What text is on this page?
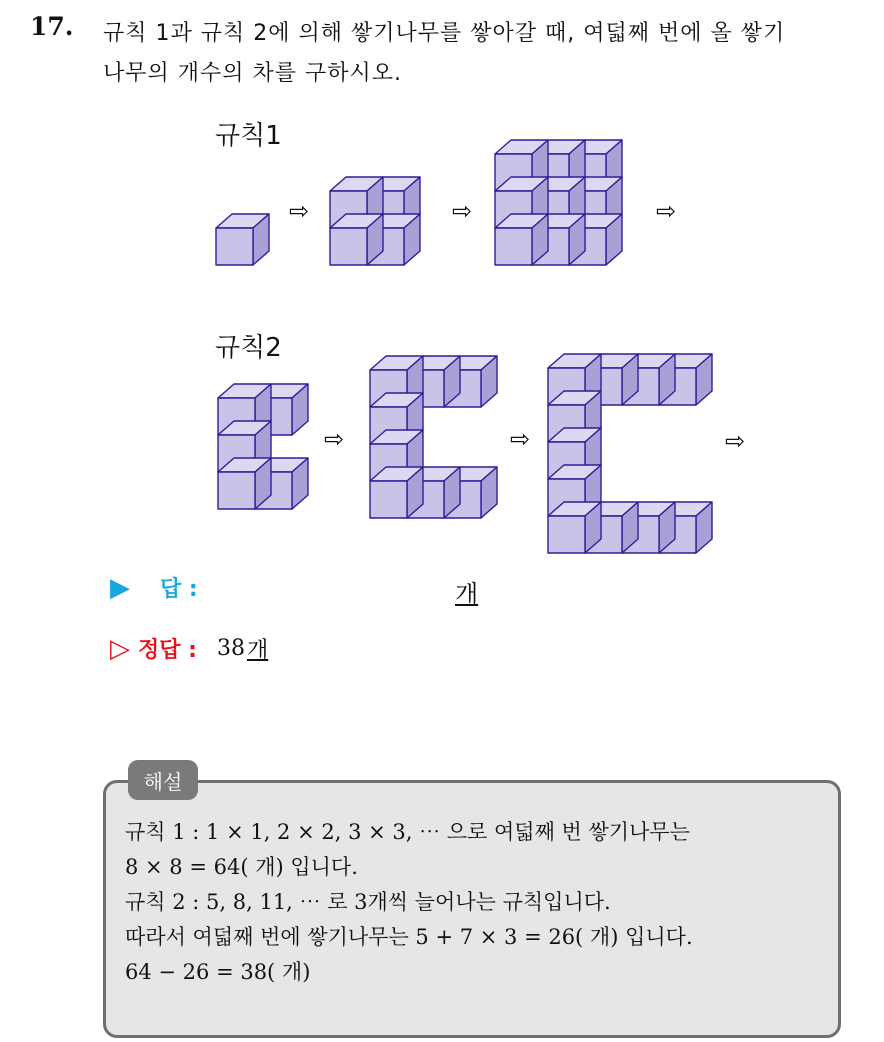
17. 규칙 1과 규칙 2에 의해 쌓기나무를 쌓아갈 때, 여덟째 번에 올 쌓기
나무의 개수의 차를 구하시오.
규칙1
규칙2
⇨	⇨	⇨
⇨	⇨	⇨
▶ 답 :	개
▷ 정답 : 38 개
해설
규칙 1 : 1 × 1, 2 × 2, 3 × 3, ⋯ 으로 여덟째 번 쌓기나무는
8 × 8 = 64( 개) 입니다.
규칙 2 : 5, 8, 11, ⋯ 로 3개씩 늘어나는 규칙입니다.
따라서 여덟째 번에 쌓기나무는 5 + 7 × 3 = 26( 개) 입니다.
64 − 26 = 38( 개)
